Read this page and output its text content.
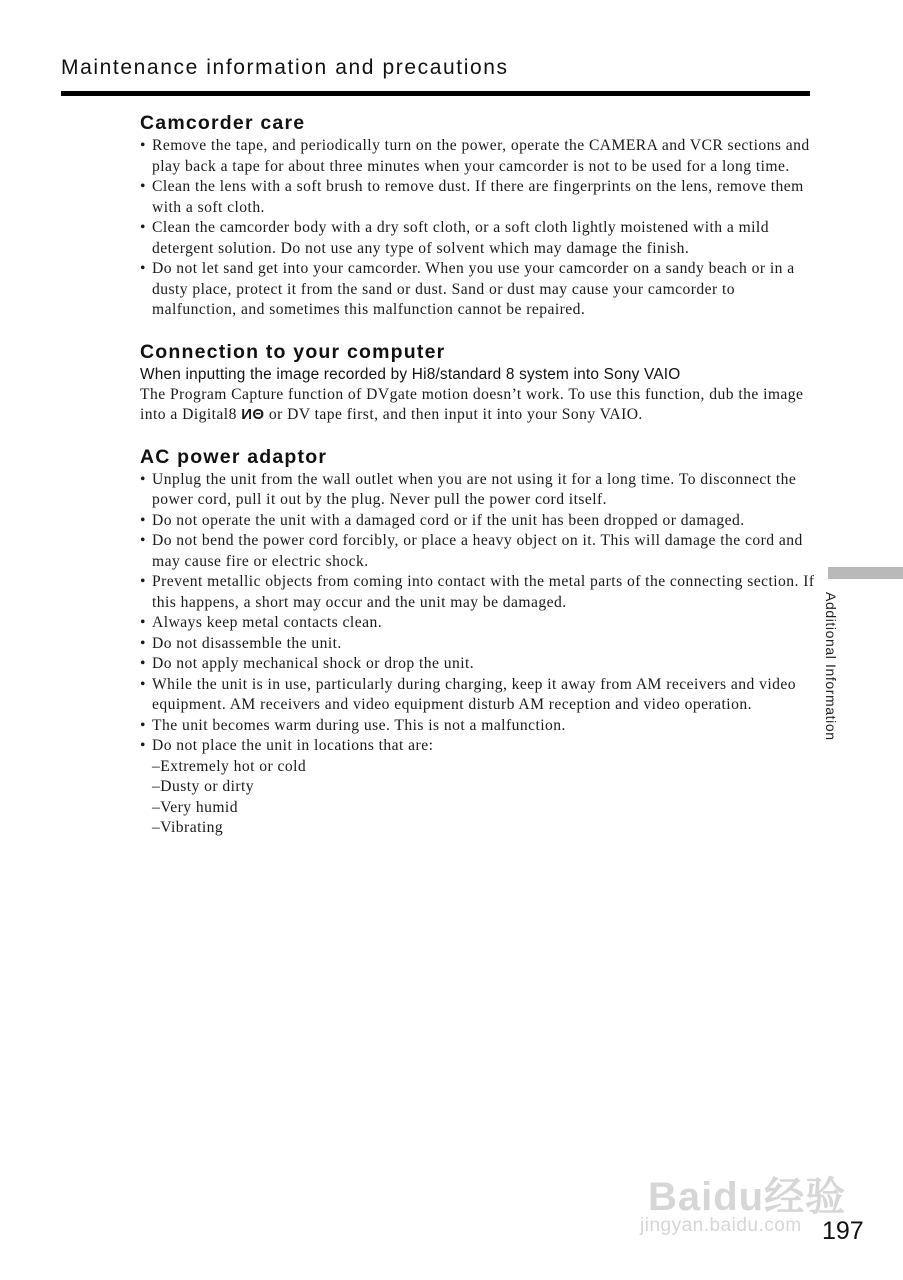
Maintenance information and precautions
Camcorder care
• Remove the tape, and periodically turn on the power, operate the CAMERA and VCR sections and play back a tape for about three minutes when your camcorder is not to be used for a long time.
• Clean the lens with a soft brush to remove dust. If there are fingerprints on the lens, remove them with a soft cloth.
• Clean the camcorder body with a dry soft cloth, or a soft cloth lightly moistened with a mild detergent solution. Do not use any type of solvent which may damage the finish.
• Do not let sand get into your camcorder. When you use your camcorder on a sandy beach or in a dusty place, protect it from the sand or dust. Sand or dust may cause your camcorder to malfunction, and sometimes this malfunction cannot be repaired.
Connection to your computer
When inputting the image recorded by Hi8/standard 8 system into Sony VAIO
The Program Capture function of DVgate motion doesn’t work. To use this function, dub the image into a Digital8 ИΘ or DV tape first, and then input it into your Sony VAIO.
AC power adaptor
• Unplug the unit from the wall outlet when you are not using it for a long time. To disconnect the power cord, pull it out by the plug. Never pull the power cord itself.
• Do not operate the unit with a damaged cord or if the unit has been dropped or damaged.
• Do not bend the power cord forcibly, or place a heavy object on it. This will damage the cord and may cause fire or electric shock.
• Prevent metallic objects from coming into contact with the metal parts of the connecting section. If this happens, a short may occur and the unit may be damaged.
• Always keep metal contacts clean.
• Do not disassemble the unit.
• Do not apply mechanical shock or drop the unit.
• While the unit is in use, particularly during charging, keep it away from AM receivers and video equipment. AM receivers and video equipment disturb AM reception and video operation.
• The unit becomes warm during use. This is not a malfunction.
• Do not place the unit in locations that are:
–Extremely hot or cold
–Dusty or dirty
–Very humid
–Vibrating
Additional Information
Baidu经验
jingyan.baidu.com 197
